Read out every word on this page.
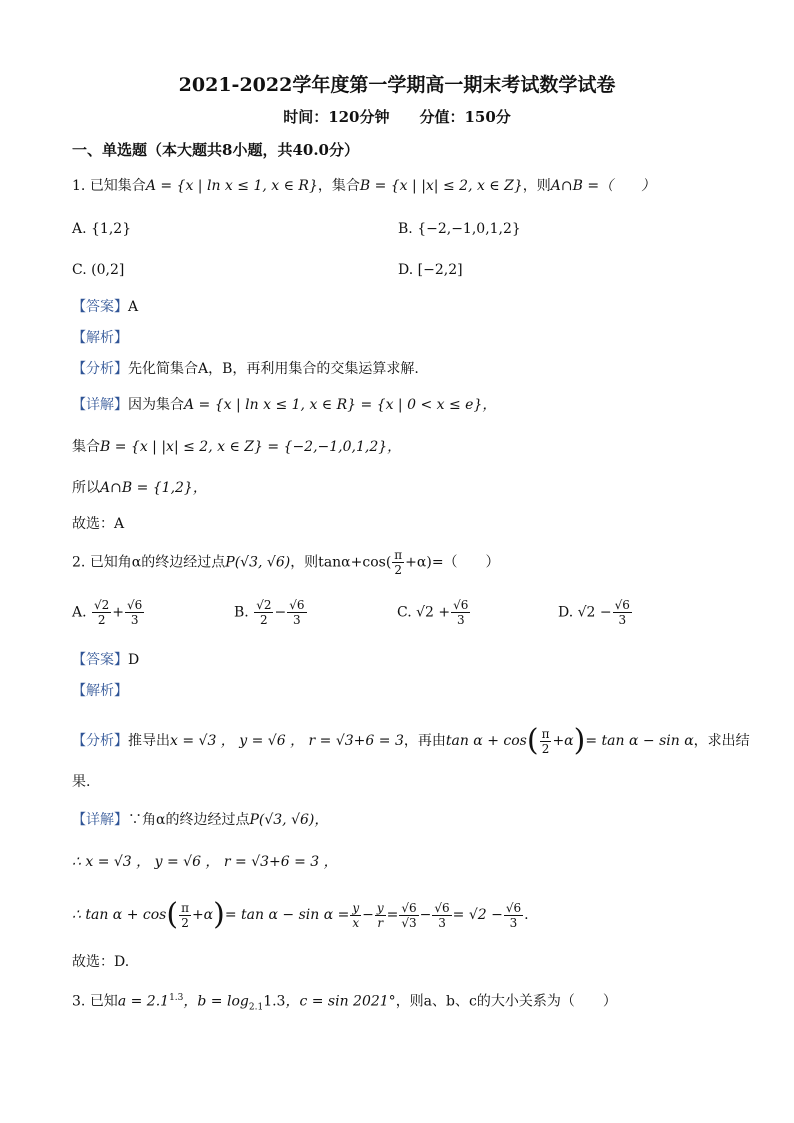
2021-2022学年度第一学期高一期末考试数学试卷
时间：120分钟 分值：150分
一、单选题（本大题共8小题，共40.0分）
1. 已知集合A = {x | ln x ≤ 1, x ∈ R}，集合B = {x | |x| ≤ 2, x ∈ Z}，则A∩B =（　　）
A. {1,2}	B. {−2,−1,0,1,2}
C. (0,2]	D. [−2,2]
【答案】A
【解析】
【分析】先化简集合A，B，再利用集合的交集运算求解.
【详解】因为集合A = {x | ln x ≤ 1, x ∈ R} = {x | 0 < x ≤ e}，
集合B = {x | |x| ≤ 2, x ∈ Z} = {−2,−1,0,1,2}，
所以A∩B = {1,2}，
故选：A
2. 已知角α的终边经过点P(√3, √6)，则$\tan\alpha+\cos( \frac{\pi}{2} +\alpha)=$（　　）
A. $\frac{√2}{2} + \frac{√6}{3}$	B. $\frac{√2}{2} - \frac{√6}{3}$	C. $√2 + \frac{√6}{3}$	D. $√2 - \frac{√6}{3}$
【答案】D
【解析】
【分析】推导出x = √3 ， y = √6 ， r = √3+6 = 3，再由$\tan \alpha + \cos( \frac{\pi}{2} +\alpha)= \tan \alpha - \sin \alpha$，求出结
果.
【详解】∵角α的终边经过点P(√3, √6)，
∴ x = √3 ， y = √6 ， r = √3+6 = 3 ，
∴ $\tan \alpha + \cos( \frac{\pi}{2} +\alpha)= \tan \alpha - \sin \alpha = \frac{y}{x} - \frac{y}{r} = \frac{√6}{√3} - \frac{√6}{3} = √2 - \frac{√6}{3}$ .
故选：D.
3. 已知$a = 2.1^{1.3}$，$b = \log_{2.1}1.3$，c = sin 2021°，则a、b、c的大小关系为（　　）
